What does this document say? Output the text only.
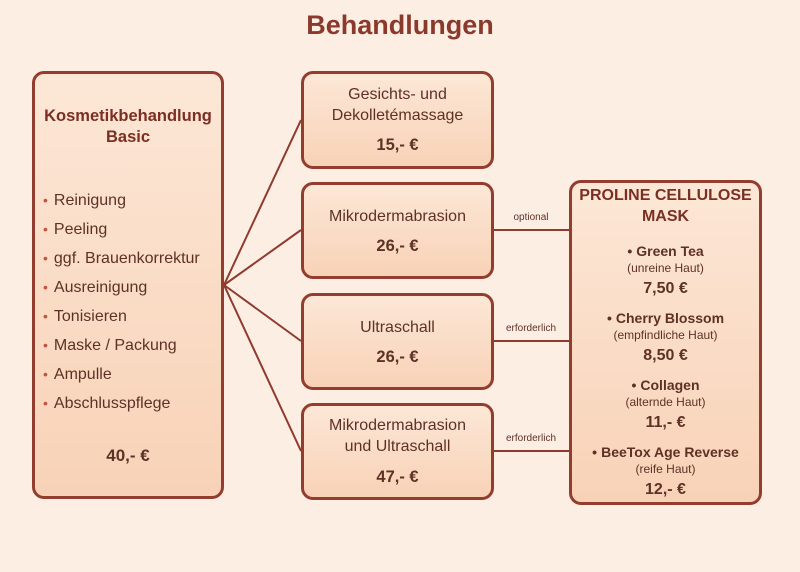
Behandlungen
optional
erforderlich
erforderlich
Kosmetikbehandlung
Basic
• Reinigung
• Peeling
• ggf. Brauenkorrektur
• Ausreinigung
• Tonisieren
• Maske / Packung
• Ampulle
• Abschlusspflege
40,- €
Gesichts- und
Dekolletémassage
15,- €
Mikrodermabrasion
26,- €
Ultraschall
26,- €
Mikrodermabrasion
und Ultraschall
47,- €
PROLINE CELLULOSE
MASK
• Green Tea
(unreine Haut)
7,50 €
• Cherry Blossom
(empfindliche Haut)
8,50 €
• Collagen
(alternde Haut)
11,- €
• BeeTox Age Reverse
(reife Haut)
12,- €
